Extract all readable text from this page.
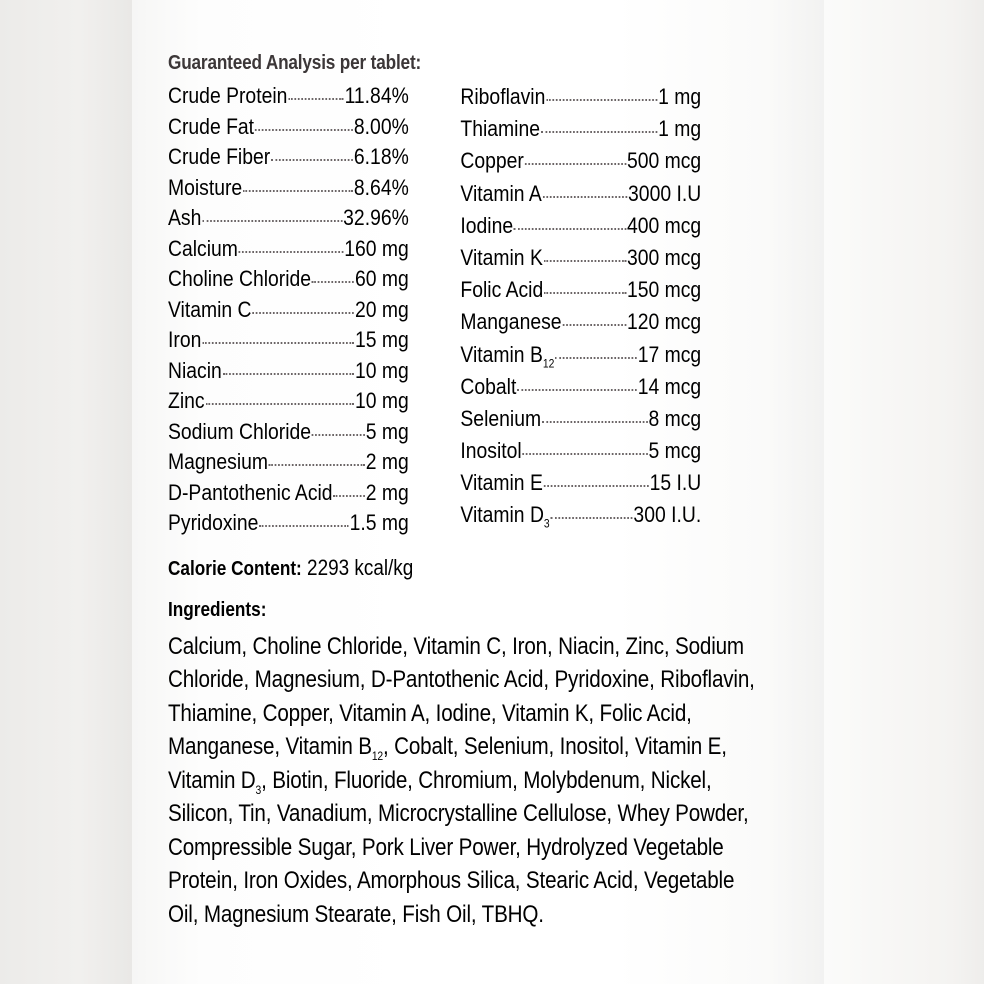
Guaranteed Analysis per tablet:
Crude Protein	11.84%
Crude Fat	8.00%
Crude Fiber	6.18%
Moisture	8.64%
Ash	32.96%
Calcium	160 mg
Choline Chloride 60 mg
Vitamin C	20 mg
Iron	15 mg
Niacin	10 mg
Zinc	10 mg
Sodium Chloride 5 mg
Magnesium	2 mg
D-Pantothenic Acid 2 mg
Pyridoxine	1.5 mg
Riboflavin	1 mg
Thiamine	1 mg
Copper	500 mcg
Vitamin A	3000 I.U
Iodine	400 mcg
Vitamin K	300 mcg
Folic Acid	150 mcg
Manganese	120 mcg
Vitamin $B_{12}$	17 mcg
Cobalt	14 mcg
Selenium	8 mcg
Inositol	5 mcg
Vitamin E	15 I.U
Vitamin $D_3$	300 I.U.
Calorie Content: 2293 kcal/kg
Ingredients:
Calcium, Choline Chloride, Vitamin C, Iron, Niacin, Zinc, Sodium Chloride, Magnesium, D-Pantothenic Acid, Pyridoxine, Riboflavin, Thiamine, Copper, Vitamin A, Iodine, Vitamin K, Folic Acid, Manganese, Vitamin $B_{12}$, Cobalt, Selenium, Inositol, Vitamin E, Vitamin $D_3$, Biotin, Fluoride, Chromium, Molybdenum, Nickel, Silicon, Tin, Vanadium, Microcrystalline Cellulose, Whey Powder, Compressible Sugar, Pork Liver Power, Hydrolyzed Vegetable Protein, Iron Oxides, Amorphous Silica, Stearic Acid, Vegetable Oil, Magnesium Stearate, Fish Oil, TBHQ.
